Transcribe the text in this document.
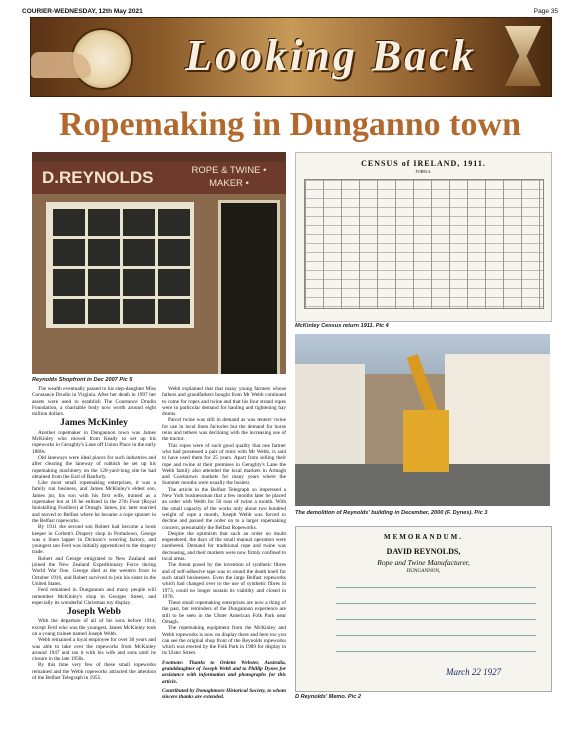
COURIER-WEDNESDAY, 12th May 2021	Page 35
Looking Back
Ropemaking in Dunganno town
D.REYNOLDS	ROPE & TWINE • MAKER •
Reynolds Shopfront in Dec 2007 Pic 5
CENSUS of IRELAND, 1911.
FORM A.
McKinley Census return 1911. Pic 4
The demolition of Reynolds' building in December, 2000 (F. Dynes). Pic 3
MEMORANDUM.
DAVID REYNOLDS,
Rope and Twine Manufacturer,
DUNGANNON,
March 22 1927
D Reynolds' Memo. Pic 2

The wealth eventually passed to his step-daughter Miss Constance Drudin in Virginia. After her death in 1997 her assets were used to establish The Constance Drudin Foundation, a charitable body now worth around eight million dollars.

James McKinley

Another ropemaker in Dungannon town was James McKinley who moved from Keady to set up his ropeworks in Geraghty's Lane off Union Place in the early 1880s.

Old laneways were ideal places for such industries and after clearing the laneway of rubbish he set up his ropemaking machinery on the 120-yard-long site he had obtained from the Earl of Ranfurly.

Like most small ropemaking enterprises, it was a family run business, and James McKinley's eldest son, James jnr, his son with his first wife, trained as a ropemaker but at 18 he enlisted in the 27th Foot (Royal Inniskilling Fusiliers) at Omagh. James, jnr, later married and moved to Belfast where he became a rope spinner in the Belfast ropeworks.

By 1911 the second son Robert had become a book keeper in Corbett's Drapery shop in Portadown, George was a linen lapper in Dickson's weaving factory, and youngest son Ferd was initially apprenticed to the drapery trade.

Robert and George emigrated to New Zealand and joined the New Zealand Expeditionary Force during World War One. George died at the western front in October 1916, and Robert survived to join his sister in the United States.

Ferd remained in Dungannon and many people will remember McKinley's shop in Georges Street, and especially its wonderful Christmas toy display.

Joseph Webb

With the departure of all of his sons before 1914, except Ferd who was the youngest, James McKinley took on a young trainee named Joseph Webb.

Webb remained a loyal employee for over 30 years and was able to take over the ropeworks from McKinley around 1947 and ran it with his wife and sons until its closure in the late 1950s.

By this time very few of these small ropeworks remained and the Webb ropeworks attracted the attention of the Belfast Telegraph in 1955.

Webb explained that that many young farmers whose fathers and grandfathers bought from Mr Webb continued to come for ropes and twine and that his four strand ropes were in particular demand for hauling and tightening hay drums.

Parcel twine was still in demand as was tenters' twine for use in local linen factories but the demand for horse reins and tethers was declining with the increasing use of the tractor.

This ropes were of such good quality that one farmer who had possessed a pair of reins with Mr Webb, is said to have used them for 25 years. Apart from selling their rope and twine at their premises in Geraghty's Lane the Webb family also attended the local markets in Armagh and Cookstown markets for many years where the Summer months were usually the busiest.

The article in the Belfast Telegraph so impressed a New York businessman that a few months later he placed an order with Webb for 50 tons of twine a month. With the small capacity of the works only about two hundred weight of rope a month, Joseph Webb was forced to decline and passed the order on to a larger ropemaking concern, presumably the Belfast Ropeworks.

Despite the optimism that such an order no doubt engendered, the days of the small manual operation were numbered. Demand for traditional rope and twine was decreasing, and their markets were now firmly confined to local areas.

The threat posed by the invention of synthetic fibres and of self-adhesive tape was to sound the death knell for such small businesses. Even the large Belfast ropeworks which had changed over to the use of synthetic fibres in 1973, could no longer sustain its viability and closed in 1978.

These small ropemaking enterprises are now a thing of the past, but reminders of the Dungannon experience are still to be seen in the Ulster American Folk Park near Omagh.

The ropemaking equipment from the McKinley and Webb ropeworks is now on display there and here too you can see the original shop front of the Reynolds ropeworks which was erected by the Folk Park in 1989 for display in its Ulster Street.

Footnote: Thanks to Ordette Webster, Australia, granddaughter of Joseph Webb and to Phillip Dynes for assistance with information and photographs for this article.

Contributed by Donaghmore Historical Society, to whom sincere thanks are extended.
